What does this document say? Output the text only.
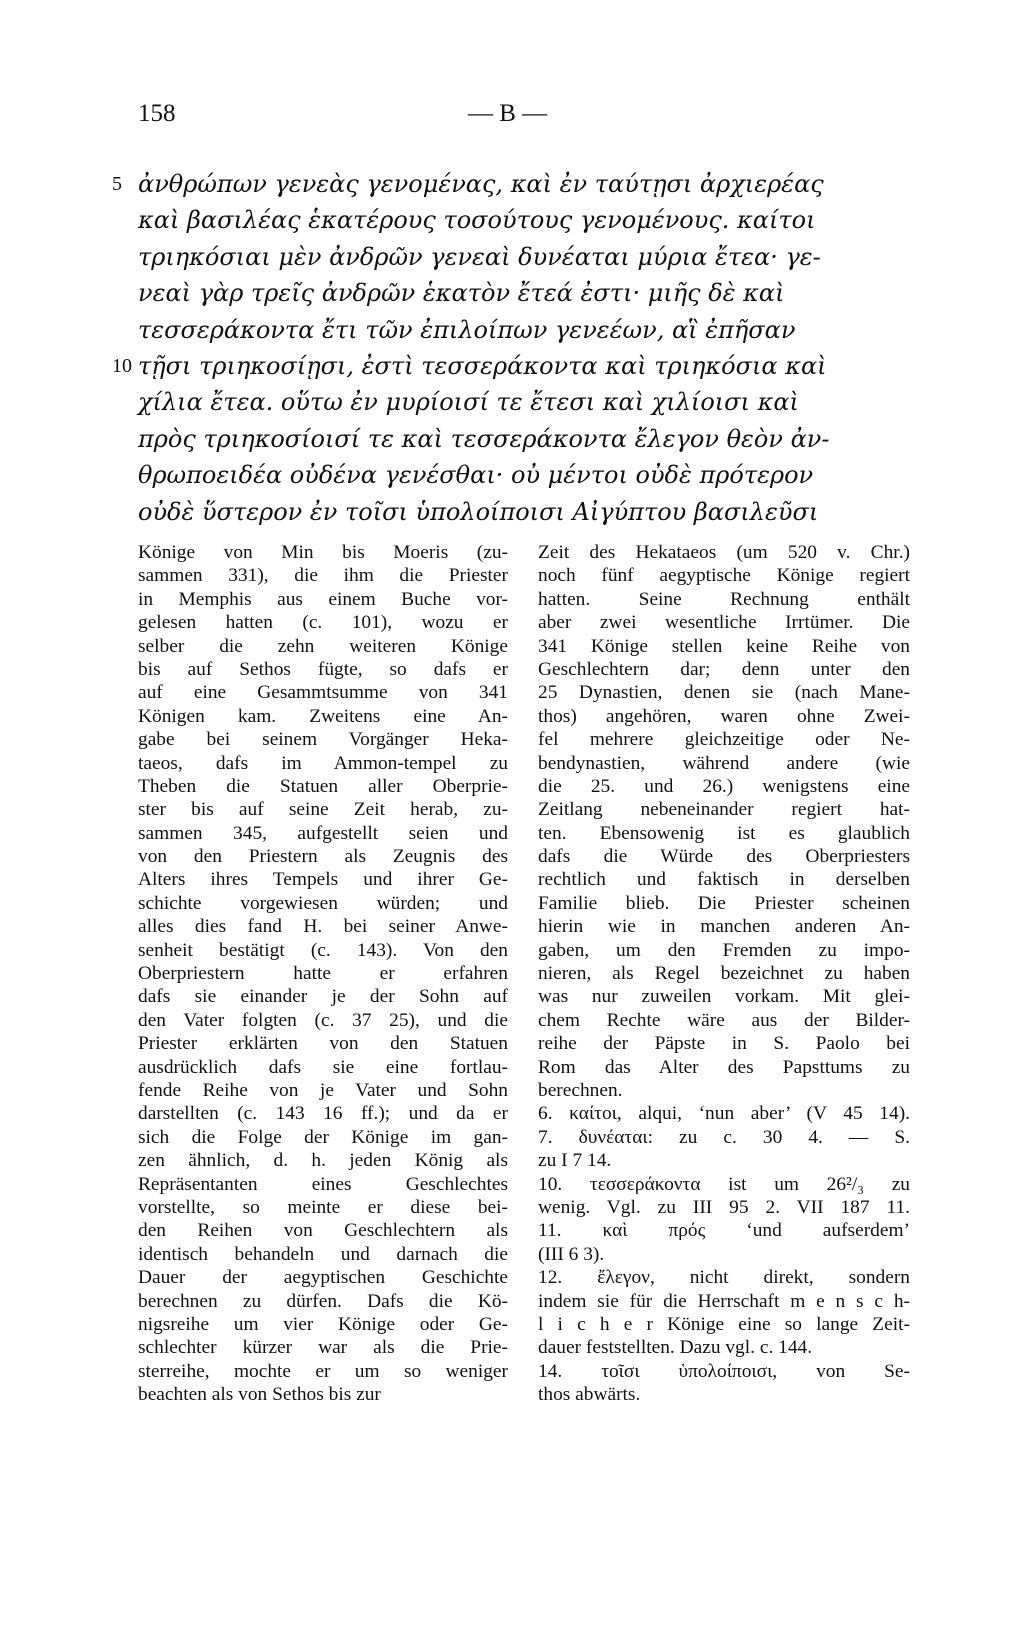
158	— B —
5 ἀνθρώπων γενεὰς γενομένας, καὶ ἐν ταύτῃσι ἀρχιερέας
καὶ βασιλέας ἑκατέρους τοσούτους γενομένους. καίτοι
τριηκόσιαι μὲν ἀνδρῶν γενεαὶ δυνέαται μύρια ἔτεα· γε-
νεαὶ γὰρ τρεῖς ἀνδρῶν ἑκατὸν ἔτεά ἐστι· μιῆς δὲ καὶ
τεσσεράκοντα ἔτι τῶν ἐπιλοίπων γενεέων, αἳ ἐπῆσαν
10 τῇσι τριηκοσίῃσι, ἐστὶ τεσσεράκοντα καὶ τριηκόσια καὶ
χίλια ἔτεα. οὕτω ἐν μυρίοισί τε ἔτεσι καὶ χιλίοισι καὶ
πρὸς τριηκοσίοισί τε καὶ τεσσεράκοντα ἔλεγον θεὸν ἀν-
θρωποειδέα οὐδένα γενέσθαι· οὐ μέντοι οὐδὲ πρότερον
οὐδὲ ὕστερον ἐν τοῖσι ὑπολοίποισι Αἰγύπτου βασιλεῦσι
Könige von Min bis Moeris (zu-
sammen 331), die ihm die Priester
in Memphis aus einem Buche vor-
gelesen hatten (c. 101), wozu er
selber die zehn weiteren Könige
bis auf Sethos fügte, so dafs er
auf eine Gesammtsumme von 341
Königen kam. Zweitens eine An-
gabe bei seinem Vorgänger Heka-
taeos, dafs im Ammon-tempel zu
Theben die Statuen aller Oberprie-
ster bis auf seine Zeit herab, zu-
sammen 345, aufgestellt seien und
von den Priestern als Zeugnis des
Alters ihres Tempels und ihrer Ge-
schichte vorgewiesen würden; und
alles dies fand H. bei seiner Anwe-
senheit bestätigt (c. 143). Von den
Oberpriestern hatte er erfahren
dafs sie einander je der Sohn auf
den Vater folgten (c. 37 25), und die
Priester erklärten von den Statuen
ausdrücklich dafs sie eine fortlau-
fende Reihe von je Vater und Sohn
darstellten (c. 143 16 ff.); und da er
sich die Folge der Könige im gan-
zen ähnlich, d. h. jeden König als
Repräsentanten eines Geschlechtes
vorstellte, so meinte er diese bei-
den Reihen von Geschlechtern als
identisch behandeln und darnach die
Dauer der aegyptischen Geschichte
berechnen zu dürfen. Dafs die Kö-
nigsreihe um vier Könige oder Ge-
schlechter kürzer war als die Prie-
sterreihe, mochte er um so weniger
beachten als von Sethos bis zur
Zeit des Hekataeos (um 520 v. Chr.)
noch fünf aegyptische Könige regiert
hatten. Seine Rechnung enthält
aber zwei wesentliche Irrtümer. Die
341 Könige stellen keine Reihe von
Geschlechtern dar; denn unter den
25 Dynastien, denen sie (nach Mane-
thos) angehören, waren ohne Zwei-
fel mehrere gleichzeitige oder Ne-
bendynastien, während andere (wie
die 25. und 26.) wenigstens eine
Zeitlang nebeneinander regiert hat-
ten. Ebensowenig ist es glaublich
dafs die Würde des Oberpriesters
rechtlich und faktisch in derselben
Familie blieb. Die Priester scheinen
hierin wie in manchen anderen An-
gaben, um den Fremden zu impo-
nieren, als Regel bezeichnet zu haben
was nur zuweilen vorkam. Mit glei-
chem Rechte wäre aus der Bilder-
reihe der Päpste in S. Paolo bei
Rom das Alter des Papsttums zu
berechnen.
6. καίτοι, alqui, ‘nun aber’ (V 45 14).
7. δυνέαται: zu c. 30 4. — S.
zu I 7 14.
10. τεσσεράκοντα ist um 26²/₃ zu
wenig. Vgl. zu III 95 2. VII 187 11.
11. καὶ πρός ‘und aufserdem’
(III 6 3).
12. ἔλεγον, nicht direkt, sondern
indem sie für die Herrschaft m e n s c h-
l i c h e r Könige eine so lange Zeit-
dauer feststellten. Dazu vgl. c. 144.
14. τοῖσι ὑπολοίποισι, von Se-
thos abwärts.
